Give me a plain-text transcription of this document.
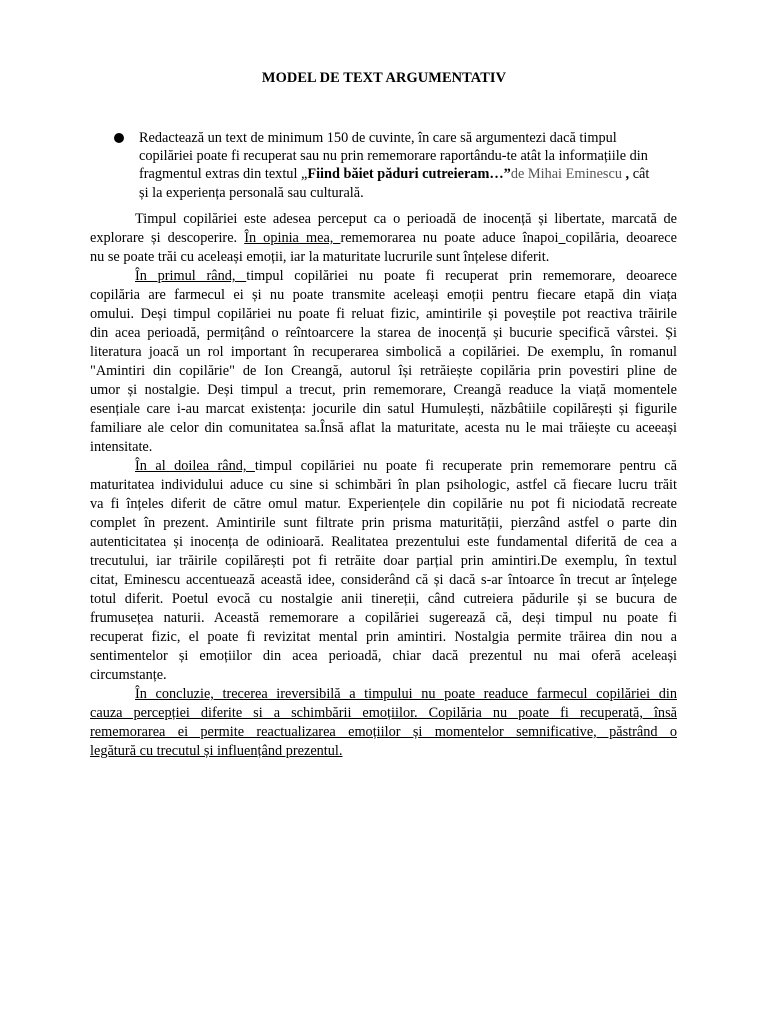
MODEL DE TEXT ARGUMENTATIV
Redactează un text de minimum 150 de cuvinte, în care să argumentezi dacă timpul
copilăriei poate fi recuperat sau nu prin rememorare raportându-te atât la informațiile din
fragmentul extras din textul „Fiind băiet păduri cutreieram…”de Mihai Eminescu , cât
și la experiența personală sau culturală.
Timpul copilăriei este adesea perceput ca o perioadă de inocență și libertate, marcată de
explorare și descoperire. În opinia mea, rememorarea nu poate aduce înapoi copilăria, deoarece
nu se poate trăi cu aceleași emoții, iar la maturitate lucrurile sunt înțelese diferit.
În primul rând, timpul copilăriei nu poate fi recuperat prin rememorare, deoarece
copilăria are farmecul ei și nu poate transmite aceleași emoții pentru fiecare etapă din viața
omului. Deși timpul copilăriei nu poate fi reluat fizic, amintirile și poveștile pot reactiva trăirile
din acea perioadă, permițând o reîntoarcere la starea de inocență și bucurie specifică vârstei. Și
literatura joacă un rol important în recuperarea simbolică a copilăriei. De exemplu, în romanul
"Amintiri din copilărie" de Ion Creangă, autorul își retrăiește copilăria prin povestiri pline de
umor și nostalgie. Deși timpul a trecut, prin rememorare, Creangă readuce la viață momentele
esențiale care i-au marcat existența: jocurile din satul Humulești, năzbâtiile copilărești și figurile
familiare ale celor din comunitatea sa.Însă aflat la maturitate, acesta nu le mai trăiește cu aceeași
intensitate.
În al doilea rând, timpul copilăriei nu poate fi recuperate prin rememorare pentru că
maturitatea individului aduce cu sine si schimbări în plan psihologic, astfel că fiecare lucru trăit
va fi înțeles diferit de către omul matur. Experiențele din copilărie nu pot fi niciodată recreate
complet în prezent. Amintirile sunt filtrate prin prisma maturității, pierzând astfel o parte din
autenticitatea și inocența de odinioară. Realitatea prezentului este fundamental diferită de cea a
trecutului, iar trăirile copilărești pot fi retrăite doar parțial prin amintiri.De exemplu, în textul
citat, Eminescu accentuează această idee, considerând că și dacă s-ar întoarce în trecut ar înțelege
totul diferit. Poetul evocă cu nostalgie anii tinereții, când cutreiera pădurile și se bucura de
frumusețea naturii. Această rememorare a copilăriei sugerează că, deși timpul nu poate fi
recuperat fizic, el poate fi revizitat mental prin amintiri. Nostalgia permite trăirea din nou a
sentimentelor și emoțiilor din acea perioadă, chiar dacă prezentul nu mai oferă aceleași
circumstanțe.
În concluzie, trecerea ireversibilă a timpului nu poate readuce farmecul copilăriei din
cauza percepției diferite si a schimbării emoțiilor. Copilăria nu poate fi recuperată, însă
rememorarea ei permite reactualizarea emoțiilor și momentelor semnificative, păstrând o
legătură cu trecutul și influențând prezentul.
